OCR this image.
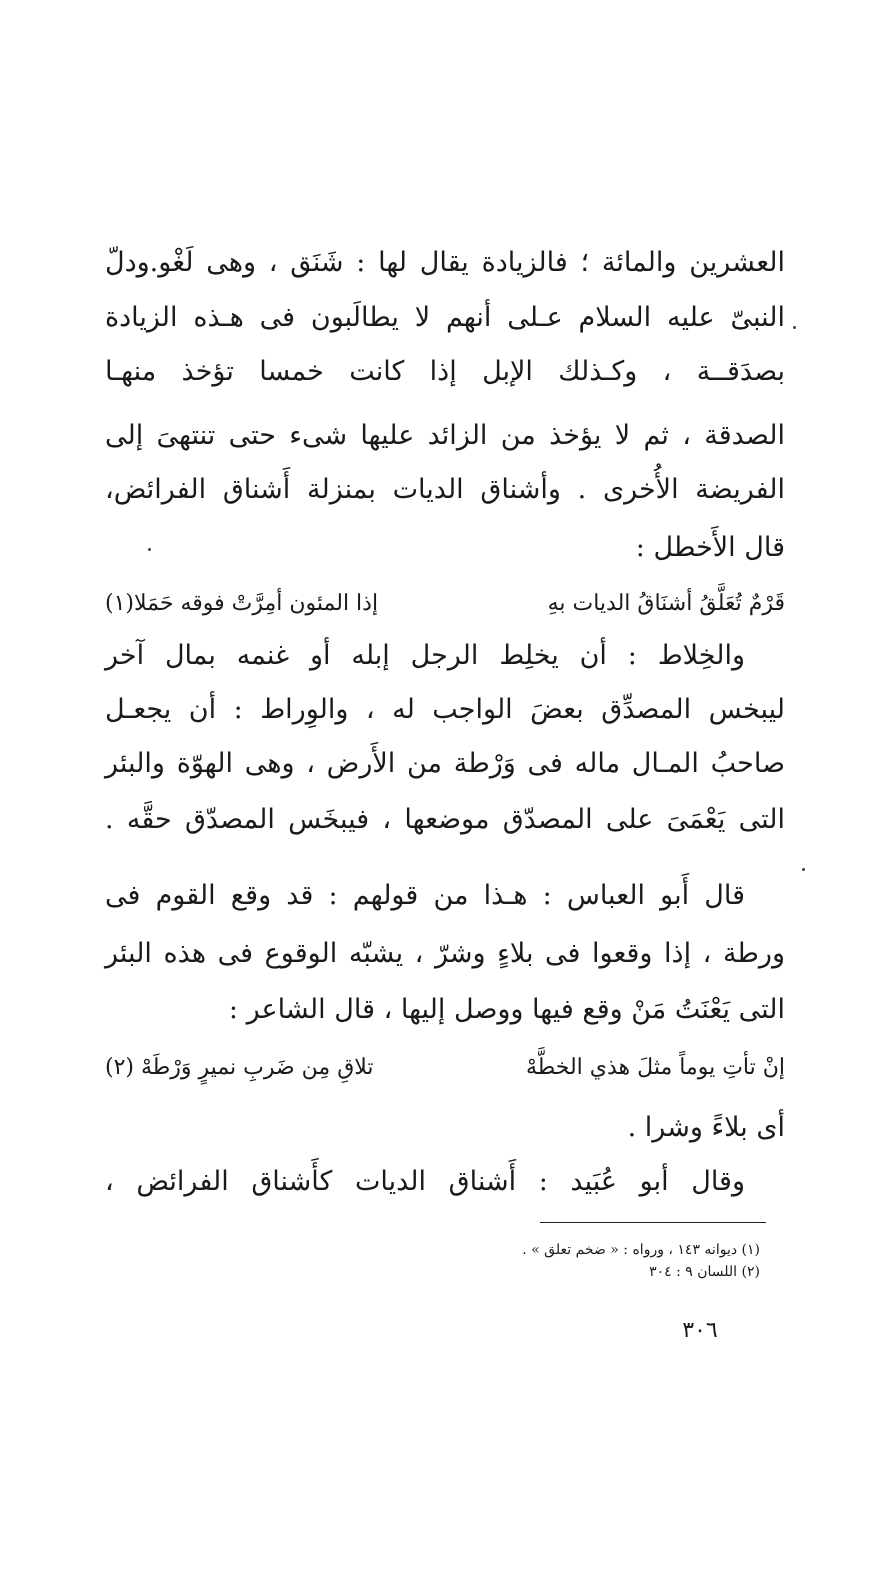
العشرين والمائة ؛ فالزيادة يقال لها : شَنَق ، وهى لَغْو.ودلّ
النبىّ عليه السلام عـلى أنهم لا يطالَبون فى هـذه الزيادة
بصدَقــة ، وكـذلك الإبل إذا كانت خمسا تؤخذ منهـا
الصدقة ، ثم لا يؤخذ من الزائد عليها شىء حتى تنتهىَ إلى
الفريضة الأُخرى . وأشناق الديات بمنزلة أَشناق الفرائض،
قال الأَخطل :
قَرْمٌ تُعَلَّقُ أشنَاقُ الديات بهِ
إذا المئون أمِرَّتْ فوقه حَمَلا(١)
والخِلاط : أن يخلِط الرجل إبله أو غنمه بمال آخر
ليبخس المصدِّق بعضَ الواجب له ، والوِراط : أن يجعـل
صاحبُ المـال ماله فى وَرْطة من الأَرض ، وهى الهوّة والبئر
التى يَعْمَىَ على المصدّق موضعها ، فيبخَس المصدّق حقَّه .
قال أَبو العباس : هـذا من قولهم : قد وقع القوم فى
ورطة ، إذا وقعوا فى بلاءٍ وشرّ ، يشبّه الوقوع فى هذه البئر
التى يَعْنَتُ مَنْ وقع فيها ووصل إليها ، قال الشاعر :
إنْ تأتِ يوماً مثلَ هذي الخطَّهْ
تلاقِ مِن ضَربِ نميرٍ وَرْطَهْ (٢)
أى بلاءً وشرا .
وقال أبو عُبَيد : أَشناق الديات كأَشناق الفرائض ،
(١) ديوانه ١٤٣ ، ورواه : « ضخم تعلق » .
(٢) اللسان ٩ : ٣٠٤
٣٠٦
